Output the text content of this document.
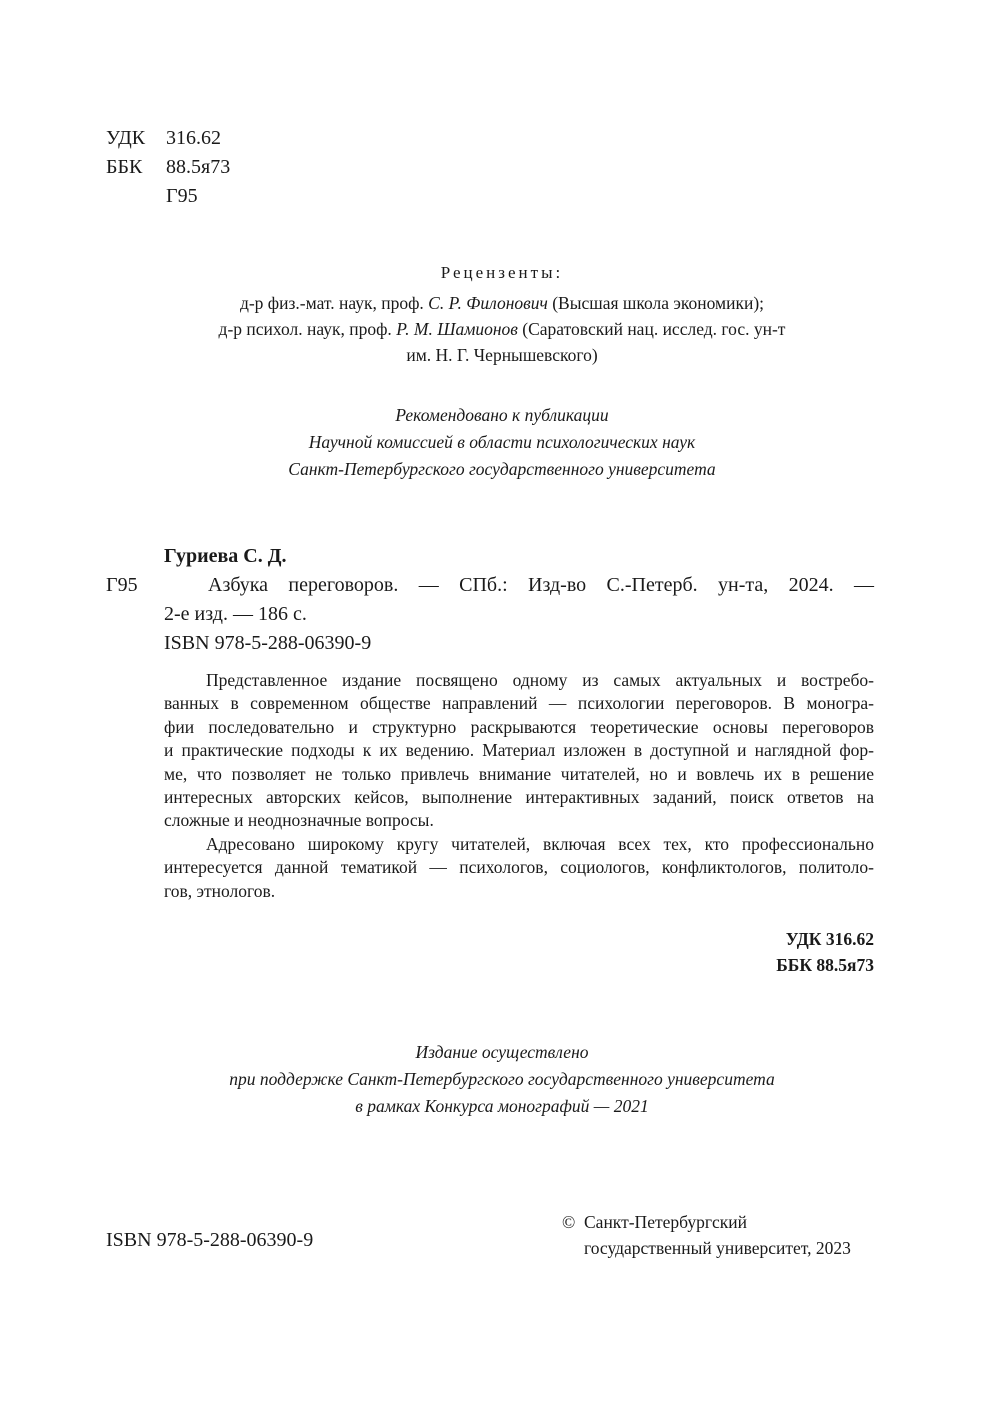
УДК	316.62
ББК	88.5я73
Г95
Рецензенты:

д-р физ.-мат. наук, проф. С. Р. Филонович (Высшая школа экономики);

д-р психол. наук, проф. Р. М. Шамионов (Саратовский нац. исслед. гос. ун-т

им. Н. Г. Чернышевского)

Рекомендовано к публикации

Научной комиссией в области психологических наук

Санкт-Петербургского государственного университета

Гуриева С. Д.
Г95	Азбука переговоров. — СПб.: Изд-во С.-Петерб. ун-та, 2024. —
2-е изд. — 186 с.
ISBN 978-5-288-06390-9
Представленное издание посвящено одному из самых актуальных и востребо-
ванных в современном обществе направлений — психологии переговоров. В моногра-
фии последовательно и структурно раскрываются теоретические основы переговоров
и практические подходы к их ведению. Материал изложен в доступной и наглядной фор-
ме, что позволяет не только привлечь внимание читателей, но и вовлечь их в решение
интересных авторских кейсов, выполнение интерактивных заданий, поиск ответов на
сложные и неоднозначные вопросы.
Адресовано широкому кругу читателей, включая всех тех, кто профессионально
интересуется данной тематикой — психологов, социологов, конфликтологов, политоло-
гов, этнологов.
УДК 316.62
ББК 88.5я73

Издание осуществлено

при поддержке Санкт-Петербургского государственного университета

в рамках Конкурса монографий — 2021

ISBN 978-5-288-06390-9
© Санкт-Петербургский
государственный университет, 2023
